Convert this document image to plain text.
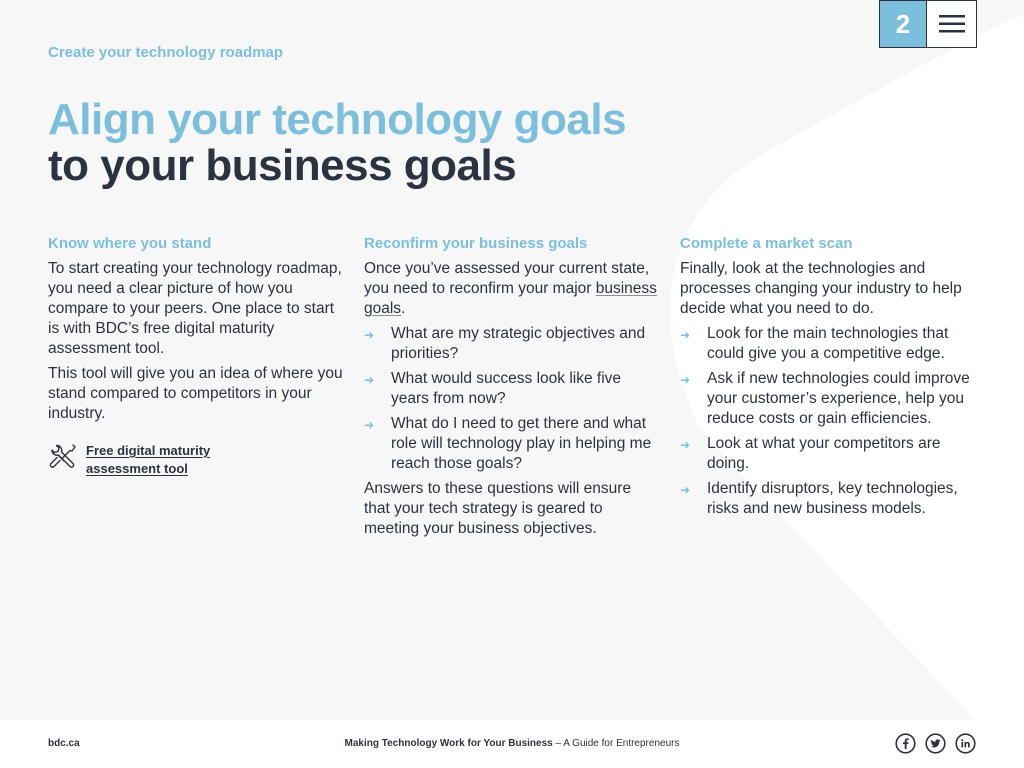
Create your technology roadmap
Align your technology goals
to your business goals
2
Know where you stand

To start creating your technology roadmap, you need a clear picture of how you compare to your peers. One place to start is with BDC’s free digital maturity assessment tool.

This tool will give you an idea of where you stand compared to competitors in your industry.

Free digital maturity assessment tool
Reconfirm your business goals

Once you’ve assessed your current state, you need to reconfirm your major business goals.

➜ What are my strategic objectives and priorities?
➜ What would success look like five years from now?
➜ What do I need to get there and what role will technology play in helping me reach those goals?

Answers to these questions will ensure that your tech strategy is geared to meeting your business objectives.

Complete a market scan

Finally, look at the technologies and processes changing your industry to help decide what you need to do.

➜ Look for the main technologies that could give you a competitive edge.
➜ Ask if new technologies could improve your customer’s experience, help you reduce costs or gain efficiencies.
➜ Look at what your competitors are doing.
➜ Identify disruptors, key technologies, risks and new business models.
bdc.ca	Making Technology Work for Your Business – A Guide for Entrepreneurs
